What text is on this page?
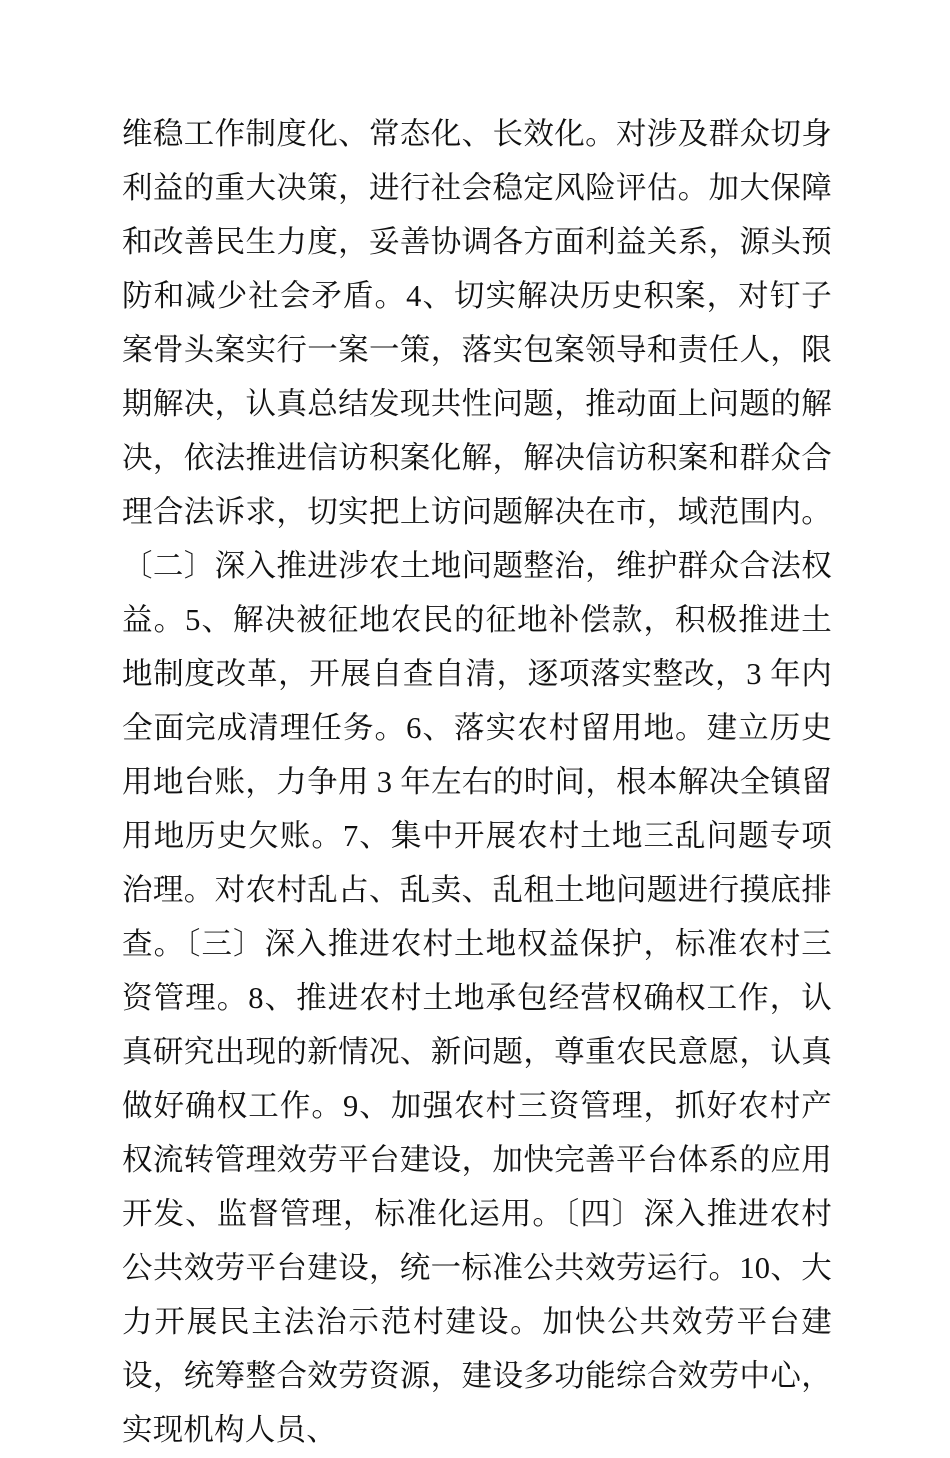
维稳工作制度化、常态化、长效化。对涉及群众切身利益的重大决策，进行社会稳定风险评估。加大保障和改善民生力度，妥善协调各方面利益关系，源头预防和减少社会矛盾。4、切实解决历史积案，对钉子案骨头案实行一案一策，落实包案领导和责任人，限期解决，认真总结发现共性问题，推动面上问题的解决，依法推进信访积案化解，解决信访积案和群众合理合法诉求，切实把上访问题解决在市，域范围内。〔二〕深入推进涉农土地问题整治，维护群众合法权益。5、解决被征地农民的征地补偿款，积极推进土地制度改革，开展自查自清，逐项落实整改，3 年内全面完成清理任务。6、落实农村留用地。建立历史用地台账，力争用 3 年左右的时间，根本解决全镇留用地历史欠账。7、集中开展农村土地三乱问题专项治理。对农村乱占、乱卖、乱租土地问题进行摸底排查。〔三〕深入推进农村土地权益保护，标准农村三资管理。8、推进农村土地承包经营权确权工作，认真研究出现的新情况、新问题，尊重农民意愿，认真做好确权工作。9、加强农村三资管理，抓好农村产权流转管理效劳平台建设，加快完善平台体系的应用开发、监督管理，标准化运用。〔四〕深入推进农村公共效劳平台建设，统一标准公共效劳运行。10、大力开展民主法治示范村建设。加快公共效劳平台建设，统筹整合效劳资源，建设多功能综合效劳中心，实现机构人员、
